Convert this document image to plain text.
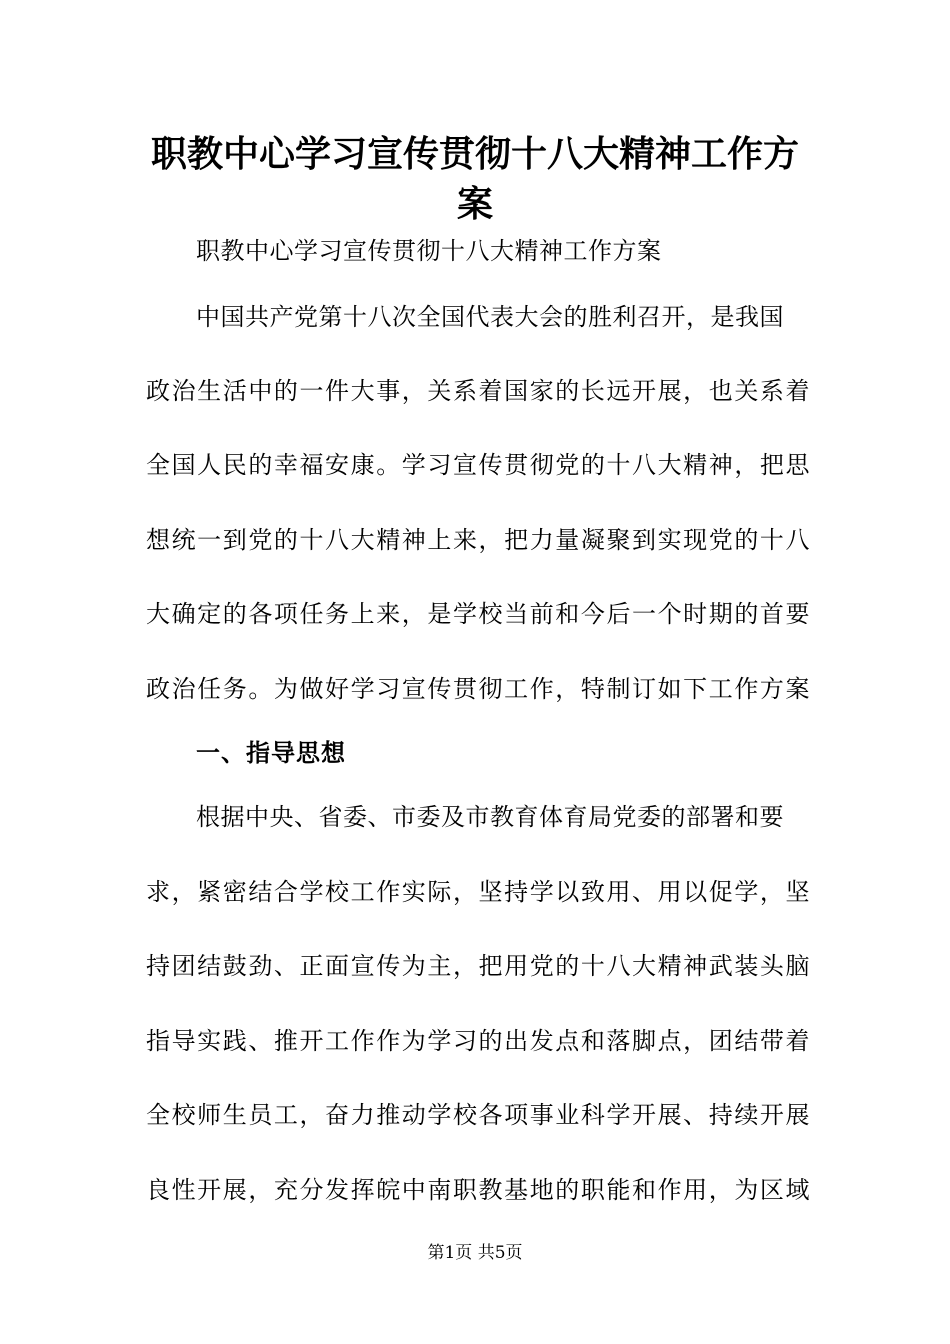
职教中心学习宣传贯彻十八大精神工作方
案
职教中心学习宣传贯彻十八大精神工作方案
中国共产党第十八次全国代表大会的胜利召开，是我国
政治生活中的一件大事，关系着国家的长远开展，也关系着
全国人民的幸福安康。学习宣传贯彻党的十八大精神，把思
想统一到党的十八大精神上来，把力量凝聚到实现党的十八
大确定的各项任务上来，是学校当前和今后一个时期的首要
政治任务。为做好学习宣传贯彻工作，特制订如下工作方案
一、指导思想
根据中央、省委、市委及市教育体育局党委的部署和要
求，紧密结合学校工作实际，坚持学以致用、用以促学，坚
持团结鼓劲、正面宣传为主，把用党的十八大精神武装头脑
指导实践、推开工作作为学习的出发点和落脚点，团结带着
全校师生员工，奋力推动学校各项事业科学开展、持续开展
良性开展，充分发挥皖中南职教基地的职能和作用，为区域
第1页 共5页
